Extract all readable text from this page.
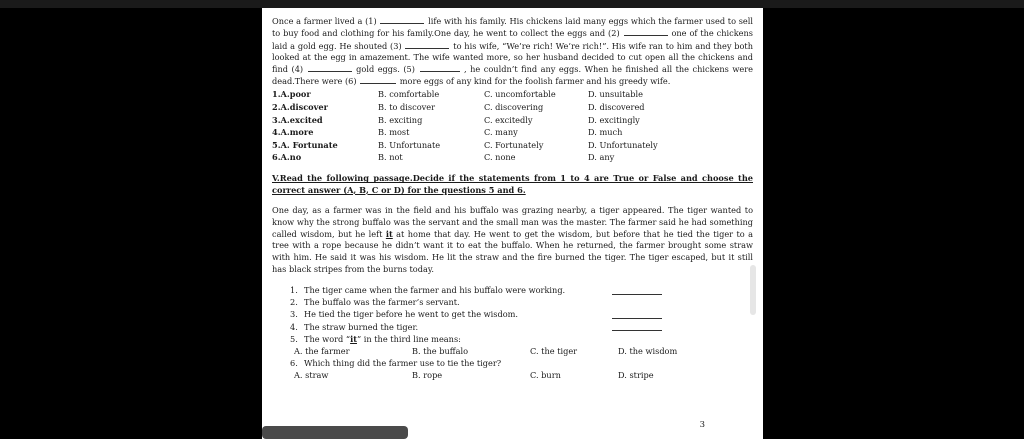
Once a farmer lived a (1)	life with his family. His chickens laid many eggs which the farmer used to sell to buy food and clothing for his family.One day, he went to collect the eggs and (2)	one of the chickens laid a gold egg. He shouted (3)	to his wife, “We’re rich! We’re rich!”. His wife ran to him and they both looked at the egg in amazement. The wife wanted more, so her husband decided to cut open all the chickens and find (4)	gold eggs. (5)	, he couldn’t find any eggs. When he finished all the chickens were dead.There were (6)	more eggs of any kind for the foolish farmer and his greedy wife.

1.A.poor	B. comfortable	C. uncomfortable	D. unsuitable
2.A.discover	B. to discover	C. discovering	D. discovered
3.A.excited	B. exciting	C. excitedly	D. excitingly
4.A.more	B. most	C. many	D. much
5.A. Fortunate	B. Unfortunate	C. Fortunately	D. Unfortunately
6.A.no	B. not	C. none	D. any
V.Read the following passage.Decide if the statements from 1 to 4 are True or False and choose the correct answer (A, B, C or D) for the questions 5 and 6.

One day, as a farmer was in the field and his buffalo was grazing nearby, a tiger appeared. The tiger wanted to know why the strong buffalo was the servant and the small man was the master. The farmer said he had something called wisdom, but he left it at home that day. He went to get the wisdom, but before that he tied the tiger to a tree with a rope because he didn’t want it to eat the buffalo. When he returned, the farmer brought some straw with him. He said it was his wisdom. He lit the straw and the fire burned the tiger. The tiger escaped, but it still has black stripes from the burns today.

1. The tiger came when the farmer and his buffalo were working.
2. The buffalo was the farmer’s servant.
3. He tied the tiger before he went to get the wisdom.
4. The straw burned the tiger.
5. The word “it” in the third line means:
A. the farmer	B. the buffalo	C. the tiger	D. the wisdom
6. Which thing did the farmer use to tie the tiger?
A. straw	B. rope	C. burn	D. stripe
3
